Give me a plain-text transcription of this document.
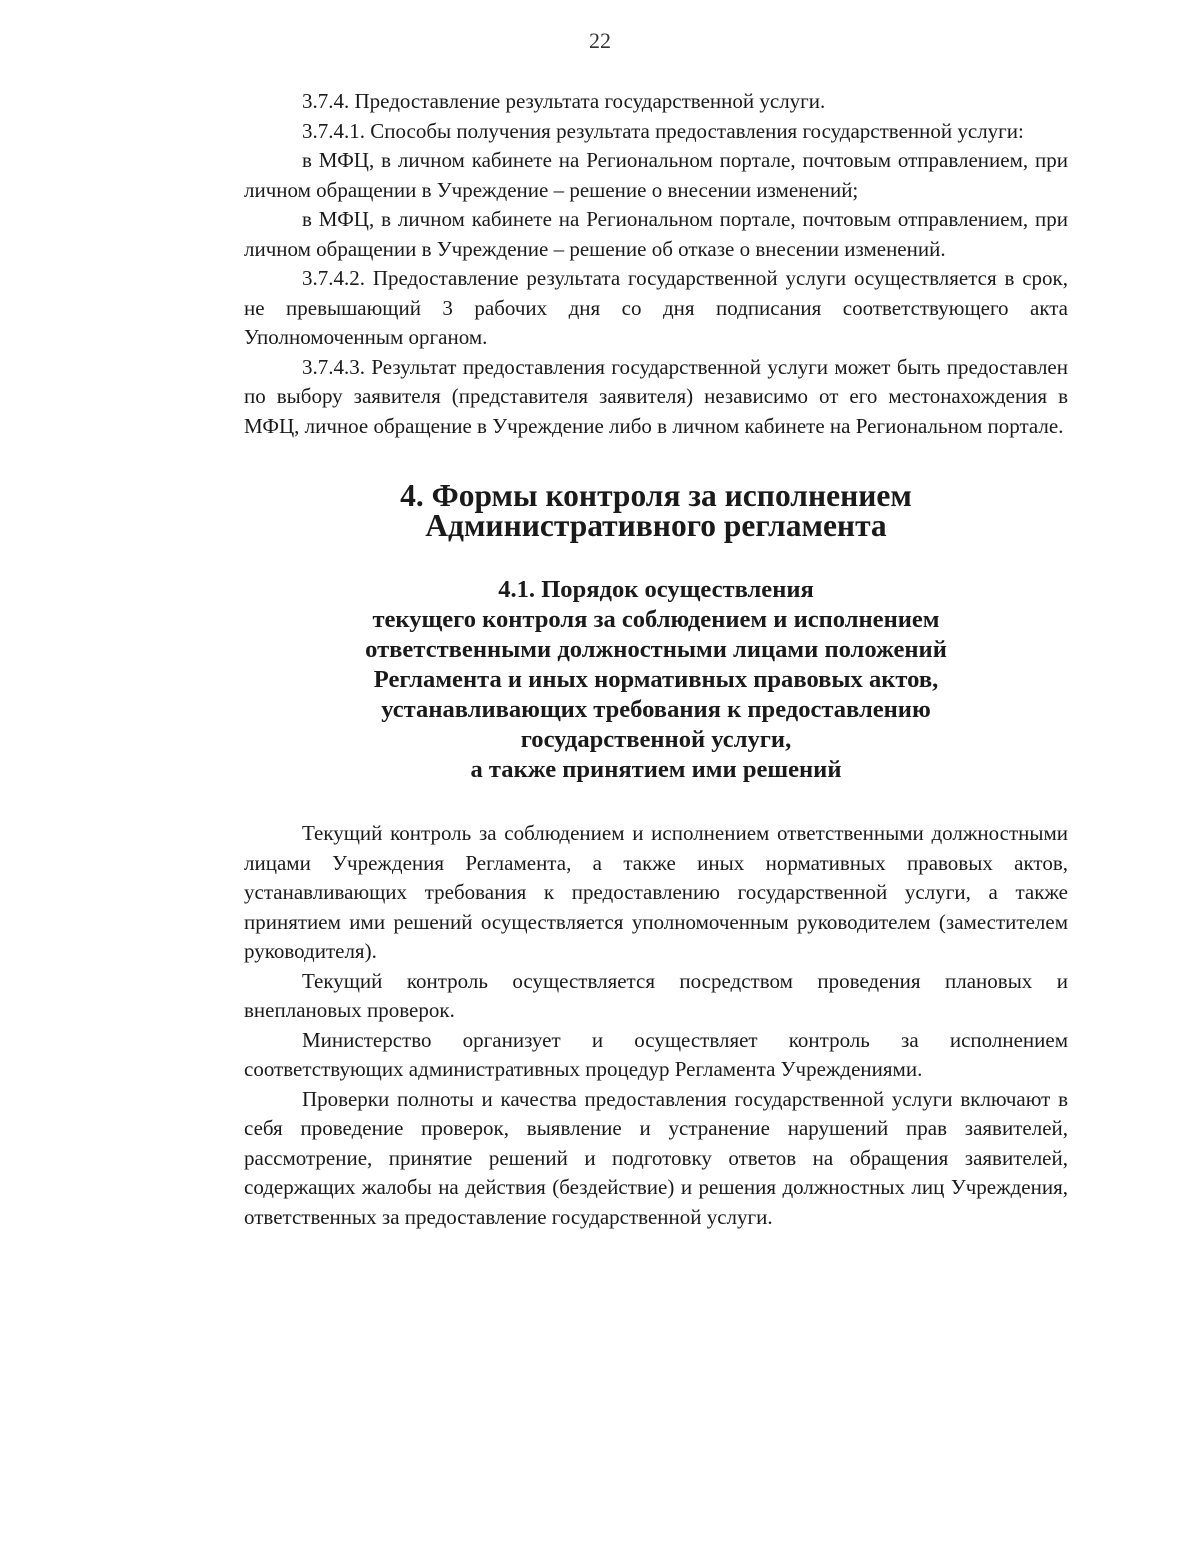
22

3.7.4. Предоставление результата государственной услуги.

3.7.4.1. Способы получения результата предоставления государственной услуги:

в МФЦ, в личном кабинете на Региональном портале, почтовым отправлением, при личном обращении в Учреждение – решение о внесении изменений;

в МФЦ, в личном кабинете на Региональном портале, почтовым отправлением, при личном обращении в Учреждение – решение об отказе о внесении изменений.

3.7.4.2. Предоставление результата государственной услуги осуществляется в срок, не превышающий 3 рабочих дня со дня подписания соответствующего акта Уполномоченным органом.

3.7.4.3. Результат предоставления государственной услуги может быть предоставлен по выбору заявителя (представителя заявителя) независимо от его местонахождения в МФЦ, личное обращение в Учреждение либо в личном кабинете на Региональном портале.

4. Формы контроля за исполнением
Административного регламента
4.1. Порядок осуществления
текущего контроля за соблюдением и исполнением
ответственными должностными лицами положений
Регламента и иных нормативных правовых актов,
устанавливающих требования к предоставлению
государственной услуги,
а также принятием ими решений

Текущий контроль за соблюдением и исполнением ответственными должностными лицами Учреждения Регламента, а также иных нормативных правовых актов, устанавливающих требования к предоставлению государственной услуги, а также принятием ими решений осуществляется уполномоченным руководителем (заместителем руководителя).

Текущий контроль осуществляется посредством проведения плановых и внеплановых проверок.

Министерство организует и осуществляет контроль за исполнением соответствующих административных процедур Регламента Учреждениями.

Проверки полноты и качества предоставления государственной услуги включают в себя проведение проверок, выявление и устранение нарушений прав заявителей, рассмотрение, принятие решений и подготовку ответов на обращения заявителей, содержащих жалобы на действия (бездействие) и решения должностных лиц Учреждения, ответственных за предоставление государственной услуги.
